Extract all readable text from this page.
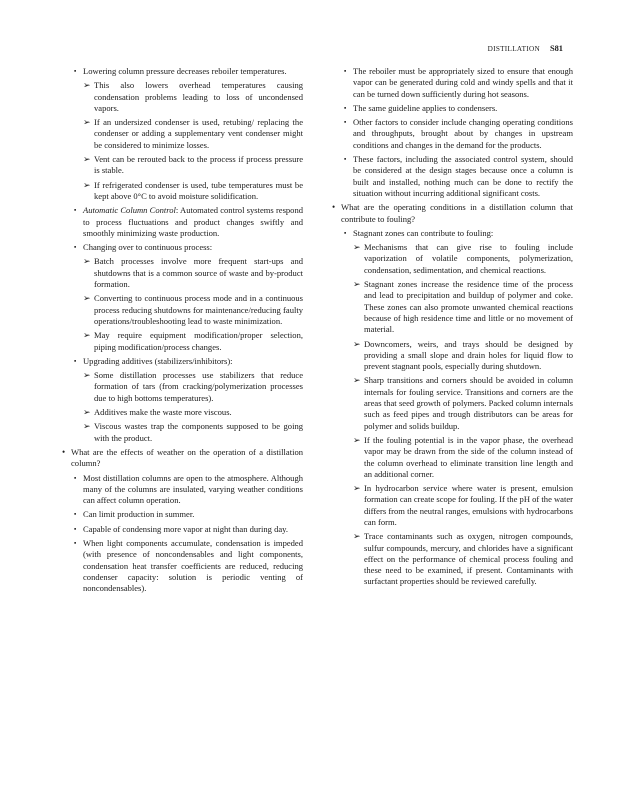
DISTILLATION S81

▪ Lowering column pressure decreases reboiler temperatures.

➢ This also lowers overhead temperatures causing condensation problems leading to loss of uncondensed vapors.

➢ If an undersized condenser is used, retubing/ replacing the condenser or adding a supplementary vent condenser might be considered to minimize losses.

➢ Vent can be rerouted back to the process if process pressure is stable.

➢ If refrigerated condenser is used, tube temperatures must be kept above 0°C to avoid moisture solidification.

▪ Automatic Column Control: Automated control systems respond to process fluctuations and product changes swiftly and smoothly minimizing waste production.

▪ Changing over to continuous process:

➢ Batch processes involve more frequent start-ups and shutdowns that is a common source of waste and by-product formation.

➢ Converting to continuous process mode and in a continuous process reducing shutdowns for maintenance/reducing faulty operations/troubleshooting lead to waste minimization.

➢ May require equipment modification/proper selection, piping modification/process changes.

▪ Upgrading additives (stabilizers/inhibitors):

➢ Some distillation processes use stabilizers that reduce formation of tars (from cracking/polymerization processes due to high bottoms temperatures).

➢ Additives make the waste more viscous.

➢ Viscous wastes trap the components supposed to be going with the product.

• What are the effects of weather on the operation of a distillation column?

▪ Most distillation columns are open to the atmosphere. Although many of the columns are insulated, varying weather conditions can affect column operation.

▪ Can limit production in summer.

▪ Capable of condensing more vapor at night than during day.

▪ When light components accumulate, condensation is impeded (with presence of noncondensables and light components, condensation heat transfer coefficients are reduced, reducing condenser capacity: solution is periodic venting of noncondensables).

▪ The reboiler must be appropriately sized to ensure that enough vapor can be generated during cold and windy spells and that it can be turned down sufficiently during hot seasons.

▪ The same guideline applies to condensers.

▪ Other factors to consider include changing operating conditions and throughputs, brought about by changes in upstream conditions and changes in the demand for the products.

▪ These factors, including the associated control system, should be considered at the design stages because once a column is built and installed, nothing much can be done to rectify the situation without incurring additional significant costs.

• What are the operating conditions in a distillation column that contribute to fouling?

▪ Stagnant zones can contribute to fouling:

➢ Mechanisms that can give rise to fouling include vaporization of volatile components, polymerization, condensation, sedimentation, and chemical reactions.

➢ Stagnant zones increase the residence time of the process and lead to precipitation and buildup of polymer and coke. These zones can also promote unwanted chemical reactions because of high residence time and little or no movement of material.

➢ Downcomers, weirs, and trays should be designed by providing a small slope and drain holes for liquid flow to prevent stagnant pools, especially during shutdown.

➢ Sharp transitions and corners should be avoided in column internals for fouling service. Transitions and corners are the areas that seed growth of polymers. Packed column internals such as feed pipes and trough distributors can be areas for polymer and solids buildup.

➢ If the fouling potential is in the vapor phase, the overhead vapor may be drawn from the side of the column instead of the column overhead to eliminate transition line length and an additional corner.

➢ In hydrocarbon service where water is present, emulsion formation can create scope for fouling. If the pH of the water differs from the neutral ranges, emulsions with hydrocarbons can form.

➢ Trace contaminants such as oxygen, nitrogen compounds, sulfur compounds, mercury, and chlorides have a significant effect on the performance of chemical process fouling and these need to be examined, if present. Contaminants with surfactant properties should be reviewed carefully.
